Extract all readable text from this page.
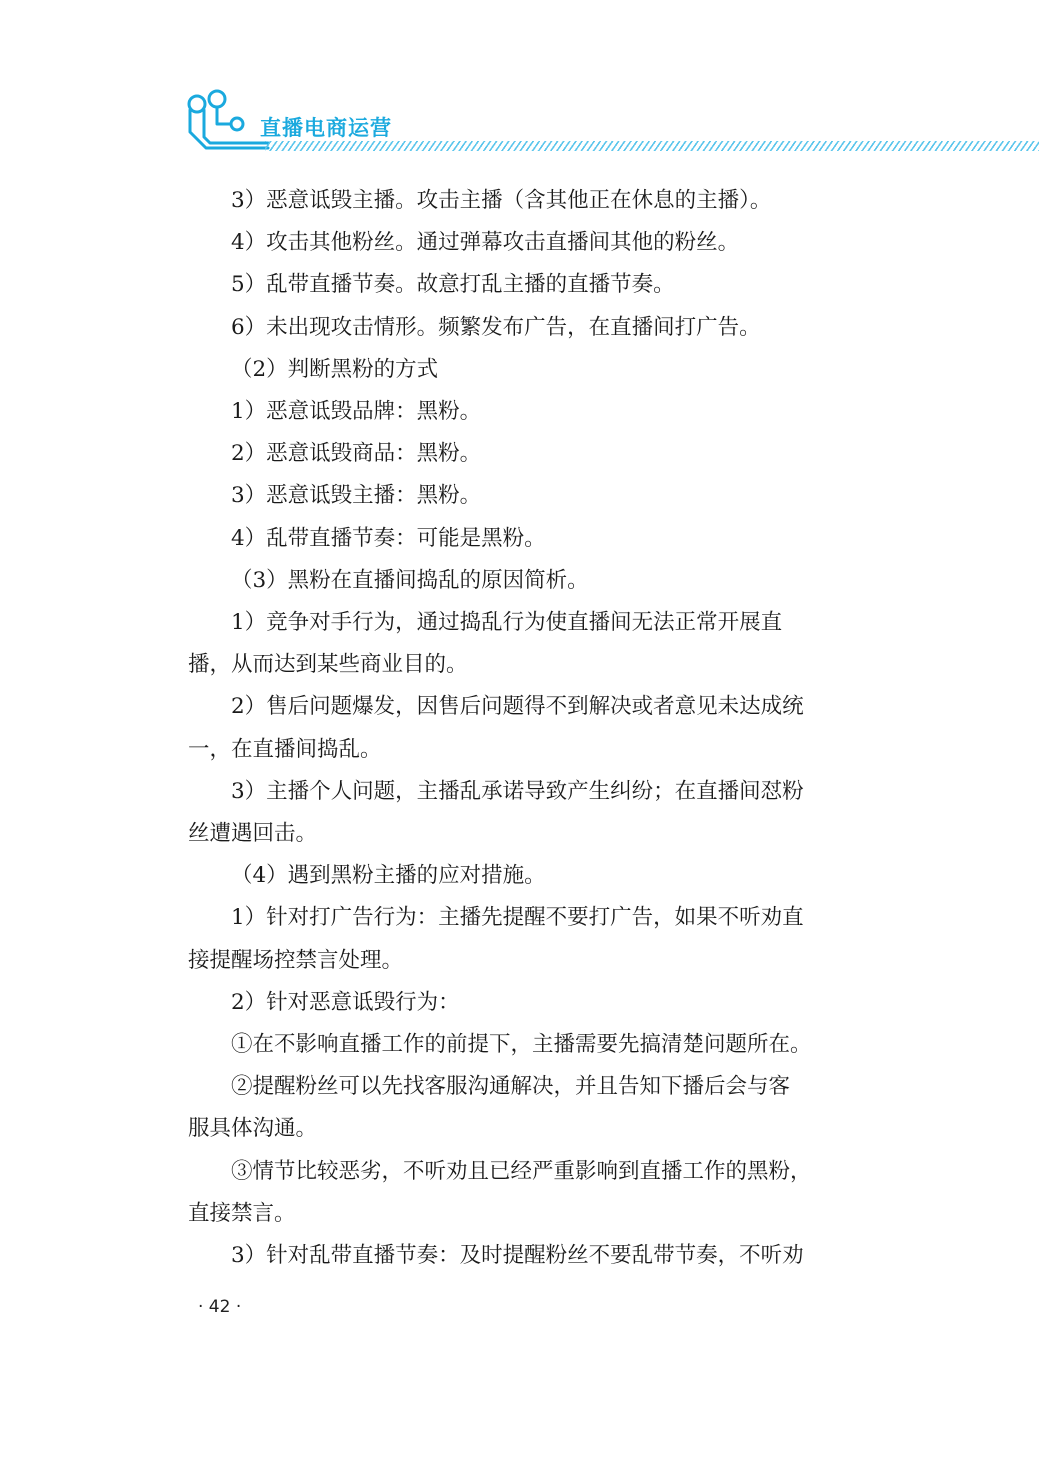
直播电商运营

3）恶意诋毁主播。攻击主播（含其他正在休息的主播）。

4）攻击其他粉丝。通过弹幕攻击直播间其他的粉丝。

5）乱带直播节奏。故意打乱主播的直播节奏。

6）未出现攻击情形。频繁发布广告，在直播间打广告。

（2）判断黑粉的方式

1）恶意诋毁品牌：黑粉。

2）恶意诋毁商品：黑粉。

3）恶意诋毁主播：黑粉。

4）乱带直播节奏：可能是黑粉。

（3）黑粉在直播间捣乱的原因简析。

1）竞争对手行为，通过捣乱行为使直播间无法正常开展直

播，从而达到某些商业目的。

2）售后问题爆发，因售后问题得不到解决或者意见未达成统

一，在直播间捣乱。

3）主播个人问题，主播乱承诺导致产生纠纷；在直播间怼粉

丝遭遇回击。

（4）遇到黑粉主播的应对措施。

1）针对打广告行为：主播先提醒不要打广告，如果不听劝直

接提醒场控禁言处理。

2）针对恶意诋毁行为：

①在不影响直播工作的前提下，主播需要先搞清楚问题所在。

②提醒粉丝可以先找客服沟通解决，并且告知下播后会与客

服具体沟通。

③情节比较恶劣，不听劝且已经严重影响到直播工作的黑粉，

直接禁言。

3）针对乱带直播节奏：及时提醒粉丝不要乱带节奏，不听劝

· 42 ·
